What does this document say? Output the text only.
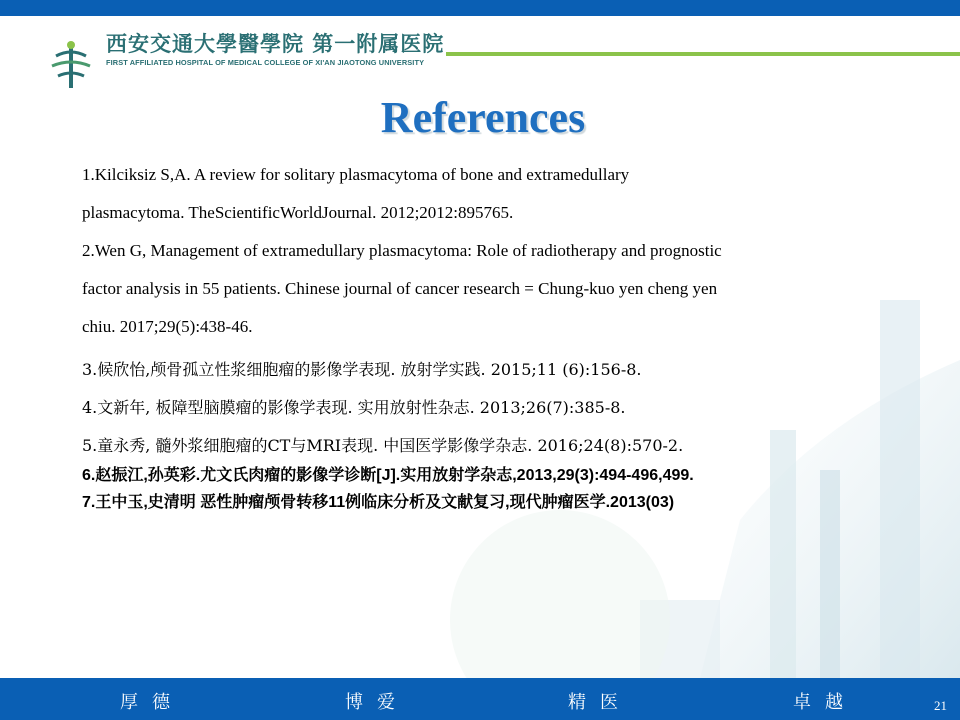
西安交通大學醫學院 第一附属医院
FIRST AFFILIATED HOSPITAL OF MEDICAL COLLEGE OF XI'AN JIAOTONG UNIVERSITY
References
1.Kilciksiz S,A. A review for solitary plasmacytoma of bone and extramedullary
plasmacytoma. TheScientificWorldJournal. 2012;2012:895765.
2.Wen G, Management of extramedullary plasmacytoma: Role of radiotherapy and prognostic
factor analysis in 55 patients. Chinese journal of cancer research = Chung-kuo yen cheng yen
chiu. 2017;29(5):438-46.
3.候欣怡,颅骨孤立性浆细胞瘤的影像学表现. 放射学实践. 2015;11 (6):156-8.
4.文新年, 板障型脑膜瘤的影像学表现. 实用放射性杂志. 2013;26(7):385-8.
5.童永秀, 髓外浆细胞瘤的CT与MRI表现. 中国医学影像学杂志. 2016;24(8):570-2.
6.赵振江,孙英彩.尤文氏肉瘤的影像学诊断[J].实用放射学杂志,2013,29(3):494-496,499.
7.王中玉,史清明 恶性肿瘤颅骨转移11例临床分析及文献复习,现代肿瘤医学.2013(03)
厚德	博爱	精医	卓越	21
